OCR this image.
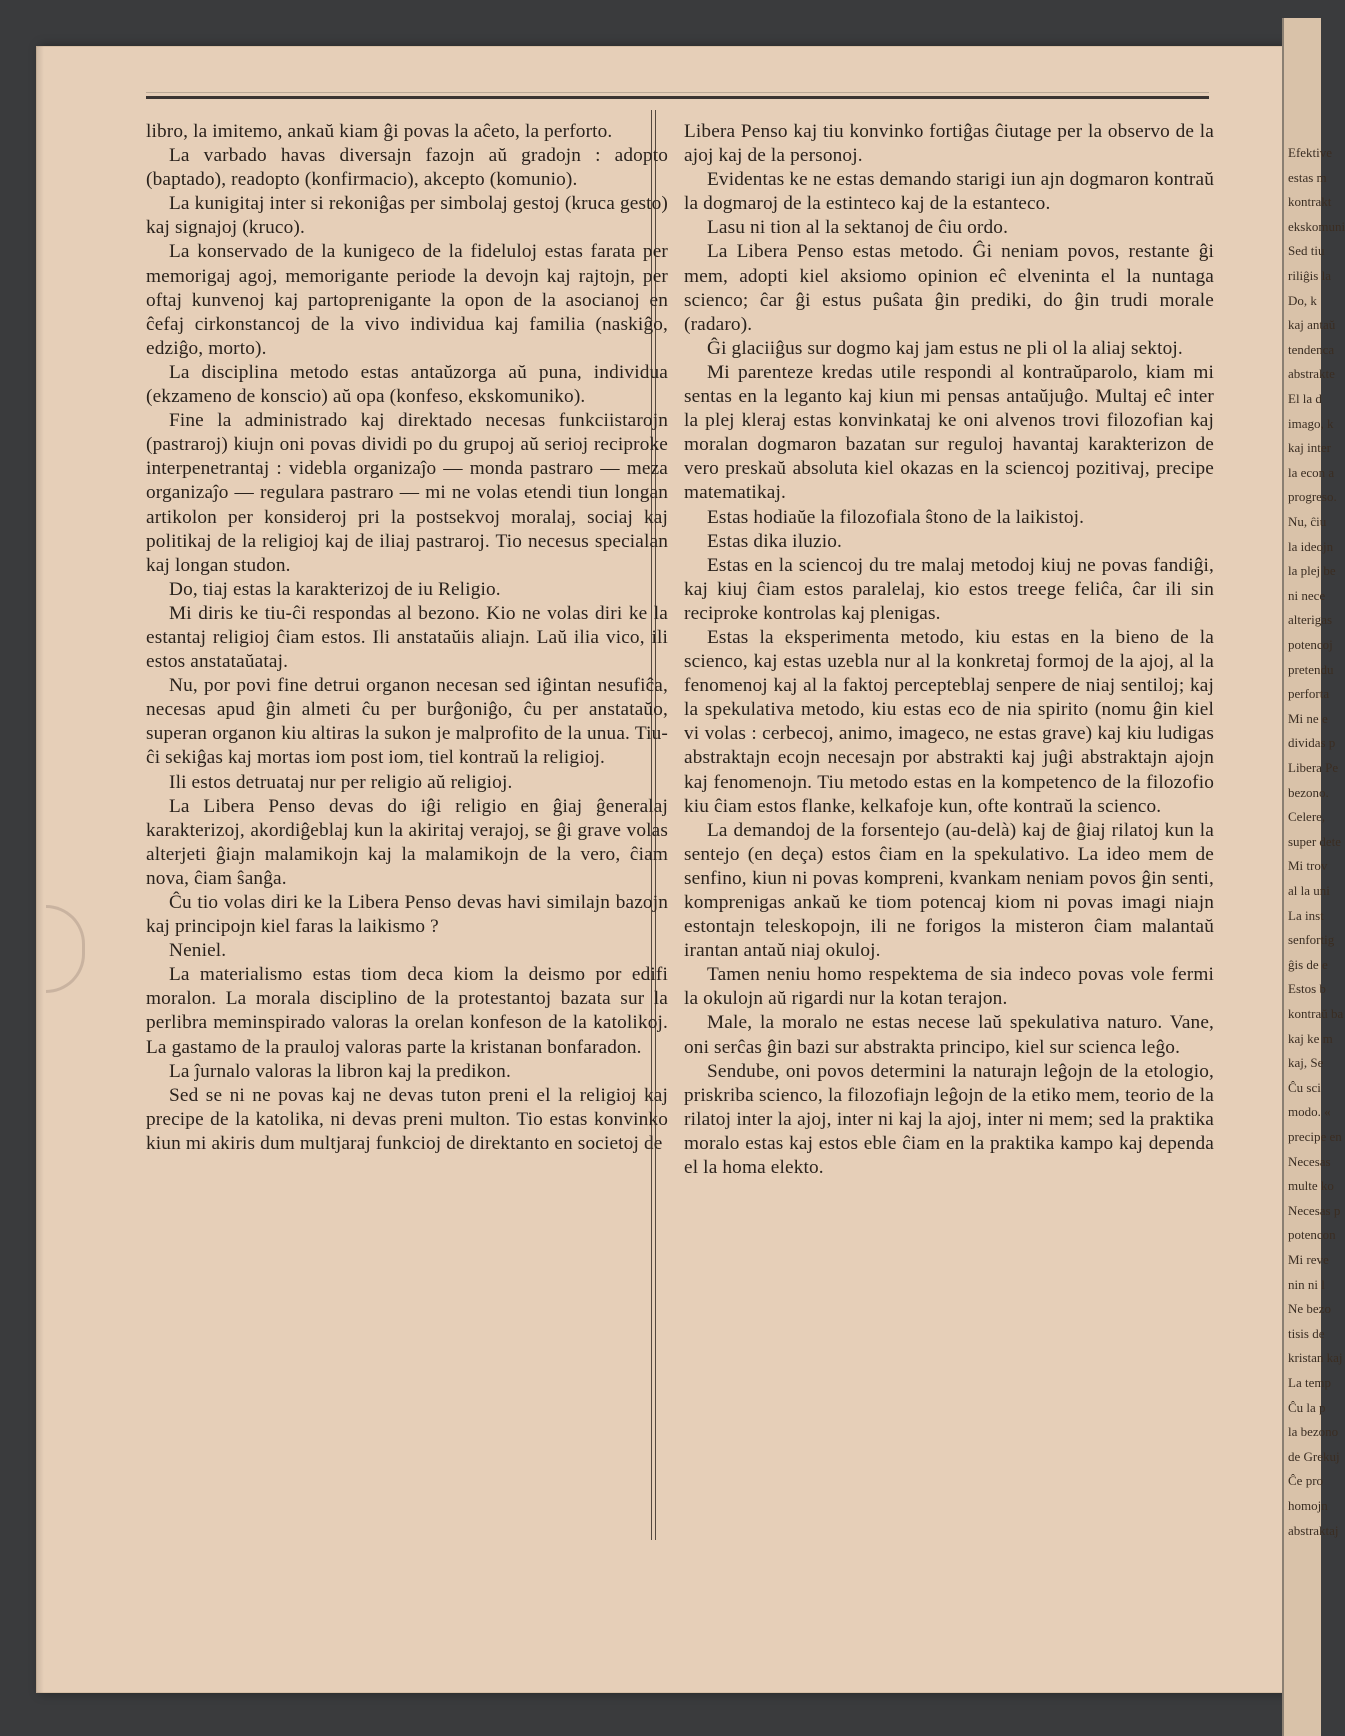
Efektive
estas m
kontrakt
ekskomuni
Sed tiu
riliĝis la
Do, k
kaj antaŭ
tendenca
abstrakte
El la d
imago, k
kaj inter
la econ a
progreso.
Nu, ĉiu
la ideojn
la plej be
ni nece
alterigas
potencoj
pretendu
perforta
Mi ne e
dividas p
Libera Pe
bezono.
Celere,
super dete
Mi trov
al la uni
La inst
senfortig
ĝis de e
Estos b
kontraŭ ba
kaj ke m
kaj, Se
Ĉu sci
modo. «
precipe en
Necesas
multe ko
Necesas p
potencon
Mi reve
nin ni l
Ne bezo
tisis de
kristan kaj
La temp
Ĉu la p
la bezono
de Grekuj
Ĉe pro
homojn
abstraktaj

libro, la imitemo, ankaŭ kiam ĝi povas la aĉeto, la perforto.

La varbado havas diversajn fazojn aŭ gradojn : adopto (baptado), readopto (konfirmacio), akcepto (komunio).

La kunigitaj inter si rekoniĝas per simbolaj gestoj (kruca gesto) kaj signajoj (kruco).

La konservado de la kunigeco de la fideluloj estas farata per memorigaj agoj, memorigante periode la devojn kaj rajtojn, per oftaj kunvenoj kaj partoprenigante la opon de la asocianoj en ĉefaj cirkonstancoj de la vivo individua kaj familia (naskiĝo, edziĝo, morto).

La disciplina metodo estas antaŭzorga aŭ puna, individua (ekzameno de konscio) aŭ opa (konfeso, ekskomuniko).

Fine la administrado kaj direktado necesas funkciistarojn (pastraroj) kiujn oni povas dividi po du grupoj aŭ serioj reciproke interpenetrantaj : videbla organizaĵo — monda pastraro — meza organizaĵo — regulara pastraro — mi ne volas etendi tiun longan artikolon per konsideroj pri la postsekvoj moralaj, sociaj kaj politikaj de la religioj kaj de iliaj pastraroj. Tio necesus specialan kaj longan studon.

Do, tiaj estas la karakterizoj de iu Religio.

Mi diris ke tiu-ĉi respondas al bezono. Kio ne volas diri ke la estantaj religioj ĉiam estos. Ili anstataŭis aliajn. Laŭ ilia vico, ili estos anstataŭataj.

Nu, por povi fine detrui organon necesan sed iĝintan nesufiĉa, necesas apud ĝin almeti ĉu per burĝoniĝo, ĉu per anstataŭo, superan organon kiu altiras la sukon je malprofito de la unua. Tiu-ĉi sekiĝas kaj mortas iom post iom, tiel kontraŭ la religioj.

Ili estos detruataj nur per religio aŭ religioj.

La Libera Penso devas do iĝi religio en ĝiaj ĝeneralaj karakterizoj, akordiĝeblaj kun la akiritaj verajoj, se ĝi grave volas alterjeti ĝiajn malamikojn kaj la malamikojn de la vero, ĉiam nova, ĉiam ŝanĝa.

Ĉu tio volas diri ke la Libera Penso devas havi similajn bazojn kaj principojn kiel faras la laikismo ?

Neniel.

La materialismo estas tiom deca kiom la deismo por edifi moralon. La morala disciplino de la protestantoj bazata sur la perlibra meminspirado valoras la orelan konfeson de la katolikoj. La gastamo de la prauloj valoras parte la kristanan bonfaradon.

La ĵurnalo valoras la libron kaj la predikon.

Sed se ni ne povas kaj ne devas tuton preni el la religioj kaj precipe de la katolika, ni devas preni multon. Tio estas konvinko kiun mi akiris dum multjaraj funkcioj de direktanto en societoj de

Libera Penso kaj tiu konvinko fortiĝas ĉiutage per la observo de la ajoj kaj de la personoj.

Evidentas ke ne estas demando starigi iun ajn dogmaron kontraŭ la dogmaroj de la estinteco kaj de la estanteco.

Lasu ni tion al la sektanoj de ĉiu ordo.

La Libera Penso estas metodo. Ĝi neniam povos, restante ĝi mem, adopti kiel aksiomo opinion eĉ elveninta el la nuntaga scienco; ĉar ĝi estus puŝata ĝin prediki, do ĝin trudi morale (radaro).

Ĝi glaciiĝus sur dogmo kaj jam estus ne pli ol la aliaj sektoj.

Mi parenteze kredas utile respondi al kontraŭparolo, kiam mi sentas en la leganto kaj kiun mi pensas antaŭjuĝo. Multaj eĉ inter la plej kleraj estas konvinkataj ke oni alvenos trovi filozofian kaj moralan dogmaron bazatan sur reguloj havantaj karakterizon de vero preskaŭ absoluta kiel okazas en la sciencoj pozitivaj, precipe matematikaj.

Estas hodiaŭe la filozofiala ŝtono de la laikistoj.

Estas dika iluzio.

Estas en la sciencoj du tre malaj metodoj kiuj ne povas fandiĝi, kaj kiuj ĉiam estos paralelaj, kio estos treege feliĉa, ĉar ili sin reciproke kontrolas kaj plenigas.

Estas la eksperimenta metodo, kiu estas en la bieno de la scienco, kaj estas uzebla nur al la konkretaj formoj de la ajoj, al la fenomenoj kaj al la faktoj percepteblaj senpere de niaj sentiloj; kaj la spekulativa metodo, kiu estas eco de nia spirito (nomu ĝin kiel vi volas : cerbecoj, animo, imageco, ne estas grave) kaj kiu ludigas abstraktajn ecojn necesajn por abstrakti kaj juĝi abstraktajn ajojn kaj fenomenojn. Tiu metodo estas en la kompetenco de la filozofio kiu ĉiam estos flanke, kelkafoje kun, ofte kontraŭ la scienco.

La demandoj de la forsentejo (au-delà) kaj de ĝiaj rilatoj kun la sentejo (en deça) estos ĉiam en la spekulativo. La ideo mem de senfino, kiun ni povas kompreni, kvankam neniam povos ĝin senti, komprenigas ankaŭ ke tiom potencaj kiom ni povas imagi niajn estontajn teleskopojn, ili ne forigos la misteron ĉiam malantaŭ irantan antaŭ niaj okuloj.

Tamen neniu homo respektema de sia indeco povas vole fermi la okulojn aŭ rigardi nur la kotan terajon.

Male, la moralo ne estas necese laŭ spekulativa naturo. Vane, oni serĉas ĝin bazi sur abstrakta principo, kiel sur scienca leĝo.

Sendube, oni povos determini la naturajn leĝojn de la etologio, priskriba scienco, la filozofiajn leĝojn de la etiko mem, teorio de la rilatoj inter la ajoj, inter ni kaj la ajoj, inter ni mem; sed la praktika moralo estas kaj estos eble ĉiam en la praktika kampo kaj dependa el la homa elekto.
